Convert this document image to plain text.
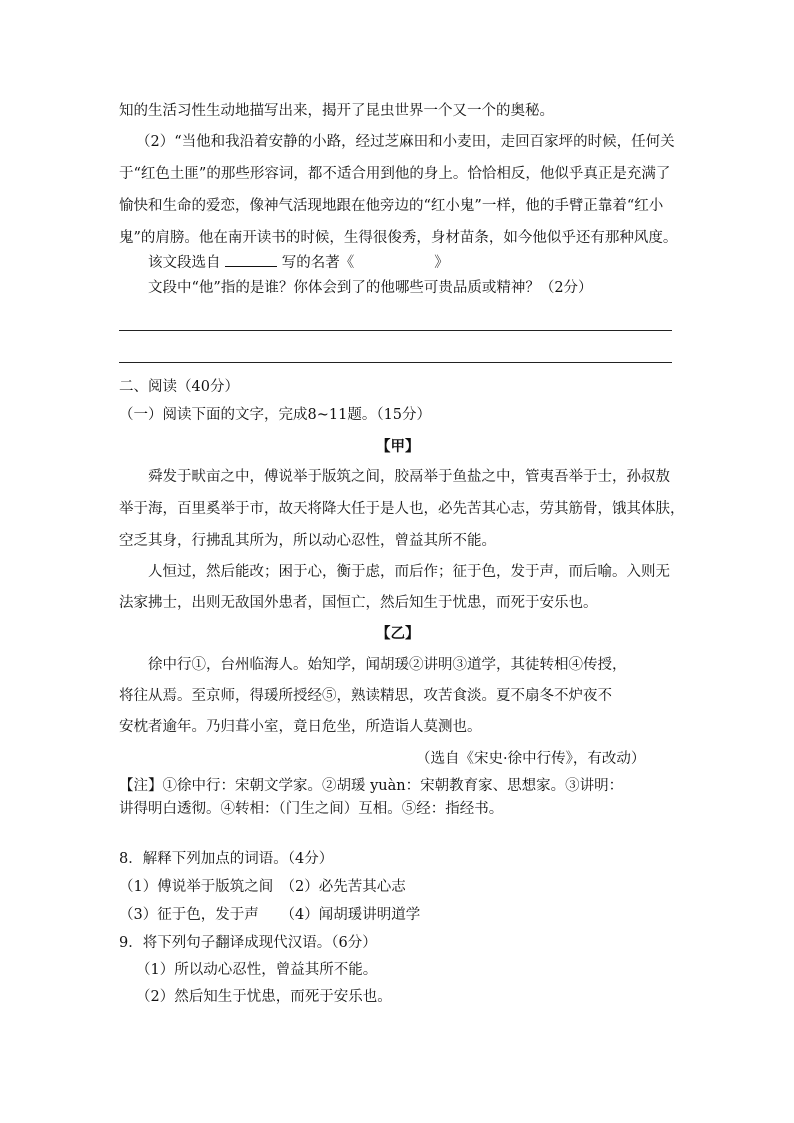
知的生活习性生动地描写出来，揭开了昆虫世界一个又一个的奥秘。
（2）“当他和我沿着安静的小路，经过芝麻田和小麦田，走回百家坪的时候，任何关
于“红色土匪”的那些形容词，都不适合用到他的身上。恰恰相反，他似乎真正是充满了
愉快和生命的爱恋，像神气活现地跟在他旁边的“红小鬼”一样，他的手臂正靠着“红小
鬼”的肩膀。他在南开读书的时候，生得很俊秀，身材苗条，如今他似乎还有那种风度。
该文段选自	写的名著《	》
文段中“他”指的是谁？你体会到了的他哪些可贵品质或精神？（2分）
二、阅读（40分）
（一）阅读下面的文字，完成8~11题。（15分）
【甲】
舜发于畎亩之中，傅说举于版筑之间，胶鬲举于鱼盐之中，管夷吾举于士，孙叔敖
举于海，百里奚举于市，故天将降大任于是人也，必先苦其心志，劳其筋骨，饿其体肤，
空乏其身，行拂乱其所为，所以动心忍性，曾益其所不能。
人恒过，然后能改；困于心，衡于虑，而后作；征于色，发于声，而后喻。入则无
法家拂士，出则无敌国外患者，国恒亡，然后知生于忧患，而死于安乐也。
【乙】
徐中行①，台州临海人。始知学，闻胡瑗②讲明③道学，其徒转相④传授，
将往从焉。至京师，得瑗所授经⑤，熟读精思，攻苦食淡。夏不扇冬不炉夜不
安枕者逾年。乃归葺小室，竟日危坐，所造诣人莫测也。
（选自《宋史·徐中行传》，有改动）
【注】①徐中行：宋朝文学家。②胡瑗 yuàn：宋朝教育家、思想家。③讲明：
讲得明白透彻。④转相：（门生之间）互相。⑤经：指经书。
8．解释下列加点的词语。（4分）
（1）傅说举于版筑之间　（2）必先苦其心志
（3）征于色，发于声　　（4）闻胡瑗讲明道学
9．将下列句子翻译成现代汉语。（6分）
（1）所以动心忍性，曾益其所不能。
（2）然后知生于忧患，而死于安乐也。
